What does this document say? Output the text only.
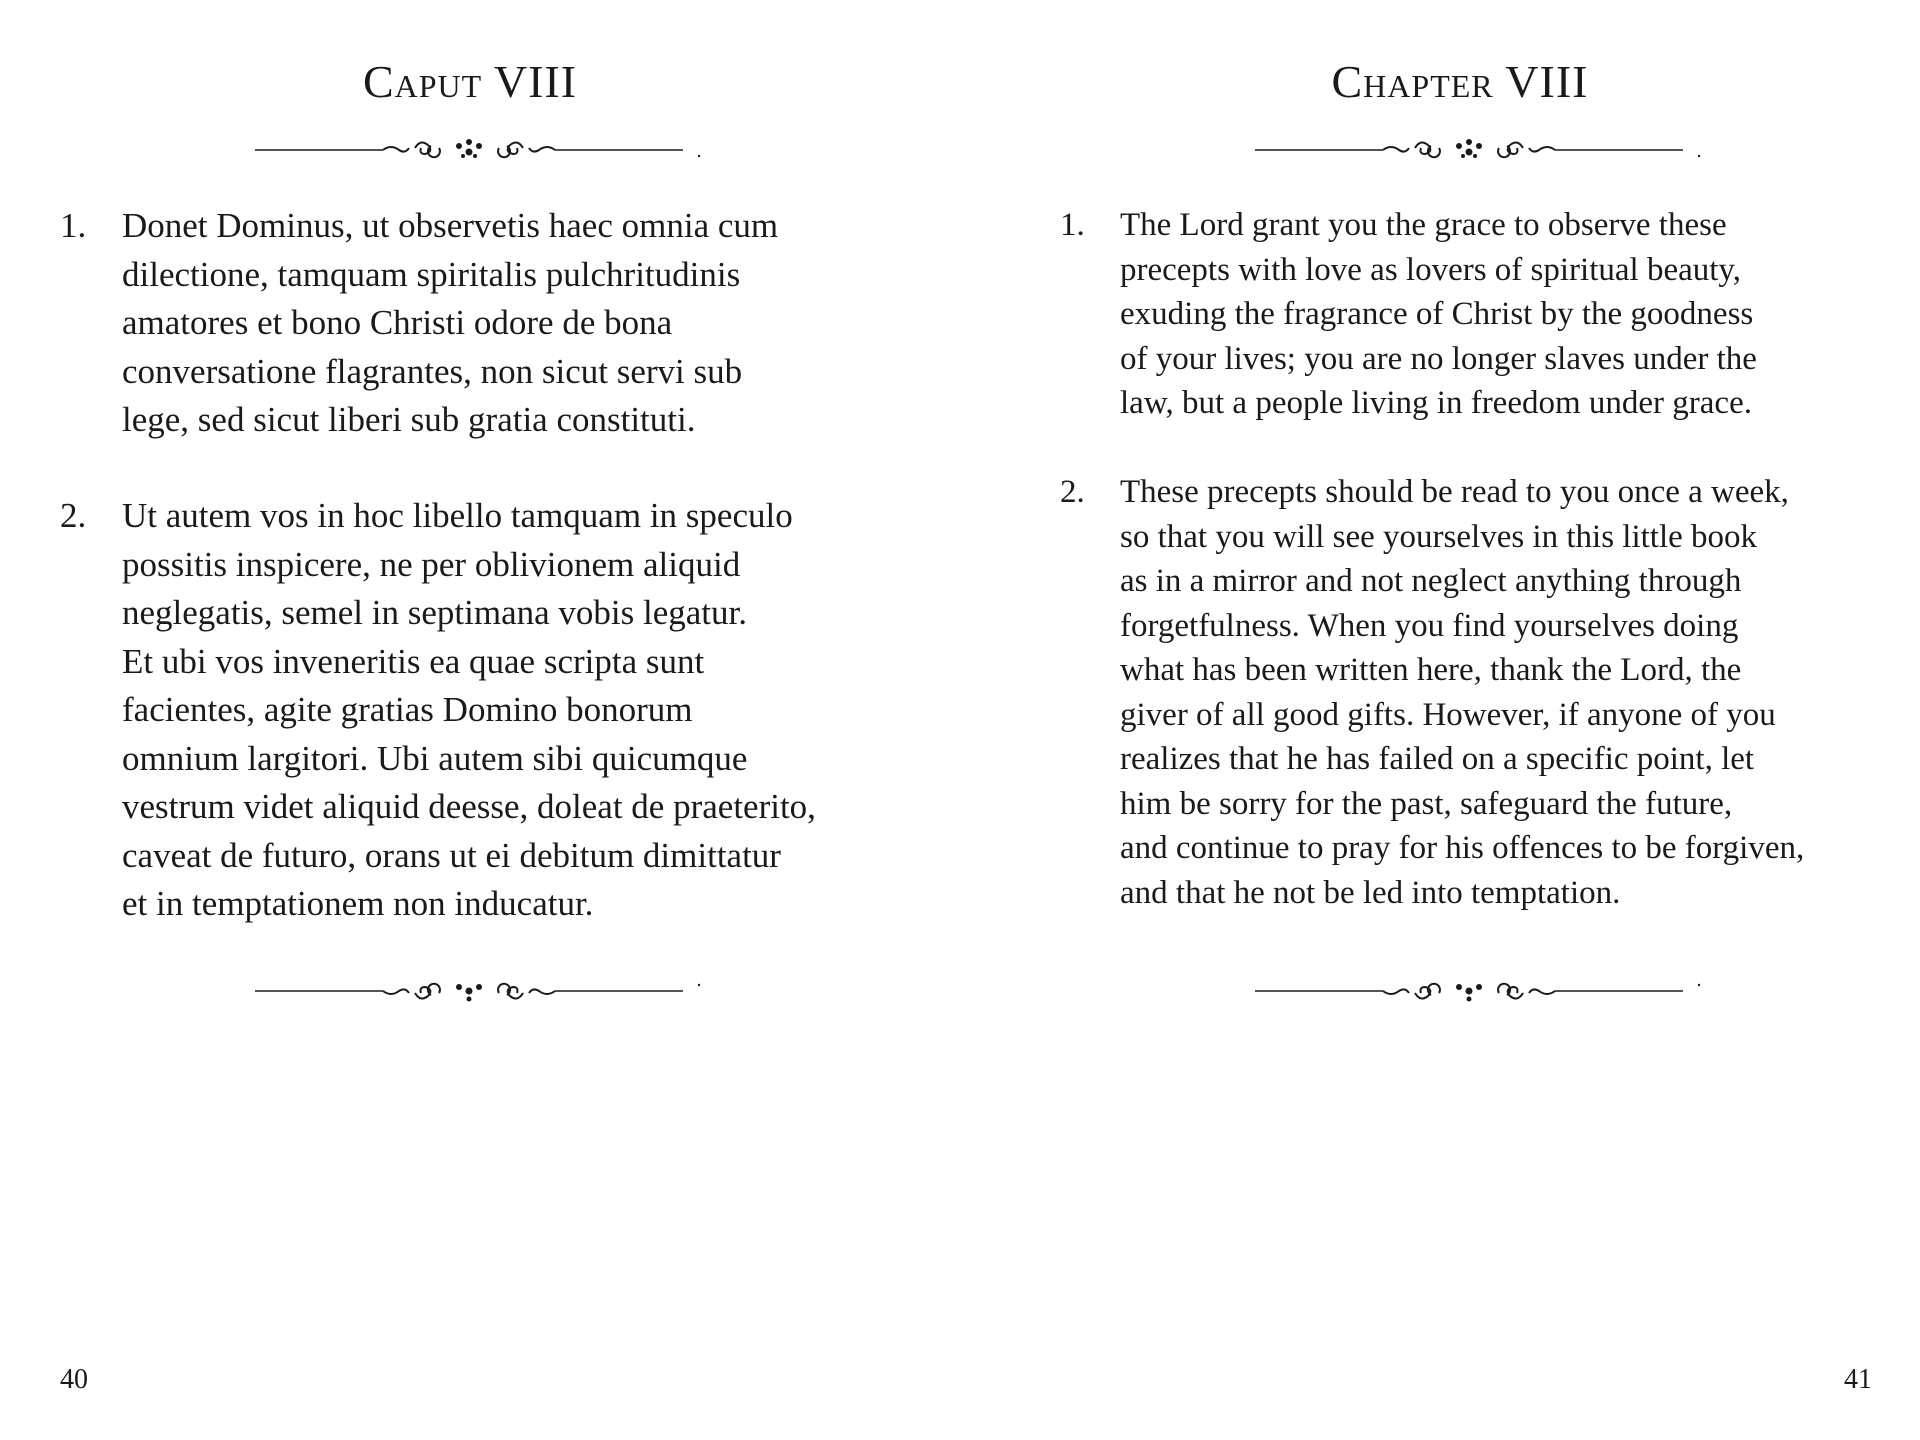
Caput VIII
1.	Donet Dominus, ut observetis haec omnia cum
dilectione, tamquam spiritalis pulchritudinis
amatores et bono Christi odore de bona
conversatione flagrantes, non sicut servi sub
lege, sed sicut liberi sub gratia constituti.
2.	Ut autem vos in hoc libello tamquam in speculo
possitis inspicere, ne per oblivionem aliquid
neglegatis, semel in septimana vobis legatur.
Et ubi vos inveneritis ea quae scripta sunt
facientes, agite gratias Domino bonorum
omnium largitori. Ubi autem sibi quicumque
vestrum videt aliquid deesse, doleat de praeterito,
caveat de futuro, orans ut ei debitum dimittatur
et in temptationem non inducatur.
40
Chapter VIII
1.	The Lord grant you the grace to observe these
precepts with love as lovers of spiritual beauty,
exuding the fragrance of Christ by the goodness
of your lives; you are no longer slaves under the
law, but a people living in freedom under grace.
2.	These precepts should be read to you once a week,
so that you will see yourselves in this little book
as in a mirror and not neglect anything through
forgetfulness. When you find yourselves doing
what has been written here, thank the Lord, the
giver of all good gifts. However, if anyone of you
realizes that he has failed on a specific point, let
him be sorry for the past, safeguard the future,
and continue to pray for his offences to be forgiven,
and that he not be led into temptation.
41
